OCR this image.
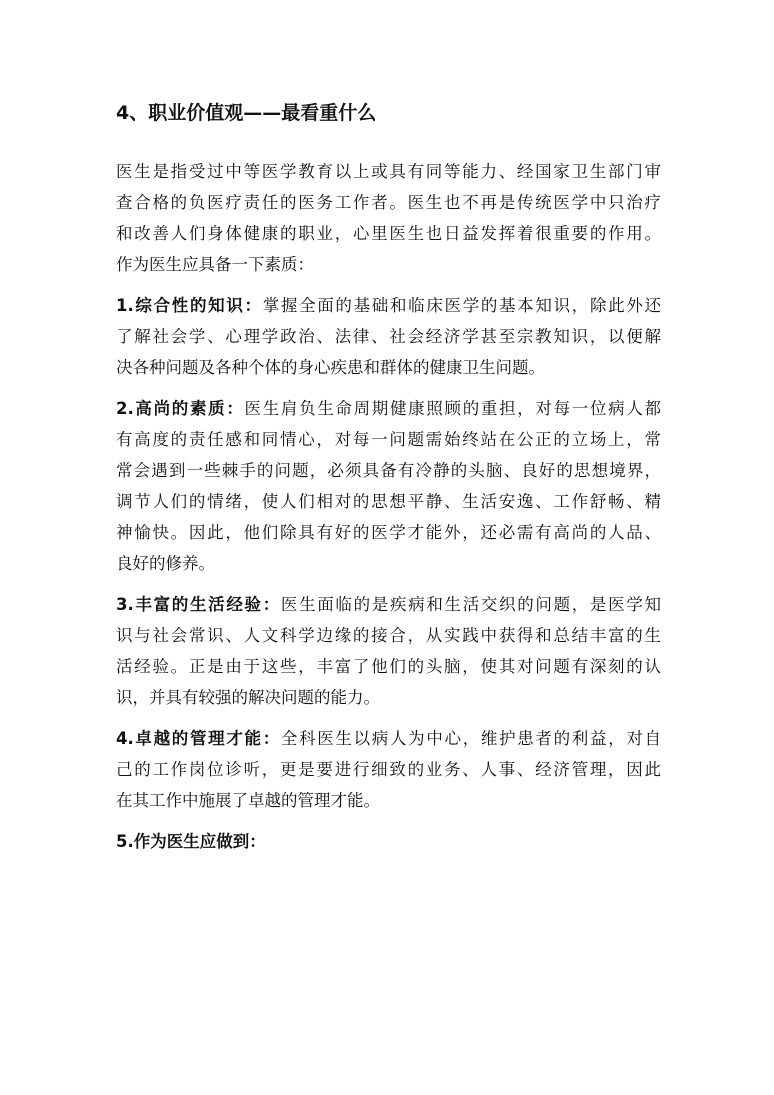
4、职业价值观——最看重什么
医生是指受过中等医学教育以上或具有同等能力、经国家卫生部门审
查合格的负医疗责任的医务工作者。医生也不再是传统医学中只治疗
和改善人们身体健康的职业，心里医生也日益发挥着很重要的作用。
作为医生应具备一下素质：
1.综合性的知识：掌握全面的基础和临床医学的基本知识，除此外还
了解社会学、心理学政治、法律、社会经济学甚至宗教知识，以便解
决各种问题及各种个体的身心疾患和群体的健康卫生问题。
2.高尚的素质：医生肩负生命周期健康照顾的重担，对每一位病人都
有高度的责任感和同情心，对每一问题需始终站在公正的立场上，常
常会遇到一些棘手的问题，必须具备有冷静的头脑、良好的思想境界，
调节人们的情绪，使人们相对的思想平静、生活安逸、工作舒畅、精
神愉快。因此，他们除具有好的医学才能外，还必需有高尚的人品、
良好的修养。
3.丰富的生活经验：医生面临的是疾病和生活交织的问题，是医学知
识与社会常识、人文科学边缘的接合，从实践中获得和总结丰富的生
活经验。正是由于这些，丰富了他们的头脑，使其对问题有深刻的认
识，并具有较强的解决问题的能力。
4.卓越的管理才能：全科医生以病人为中心，维护患者的利益，对自
己的工作岗位诊听，更是要进行细致的业务、人事、经济管理，因此
在其工作中施展了卓越的管理才能。
5.作为医生应做到：
